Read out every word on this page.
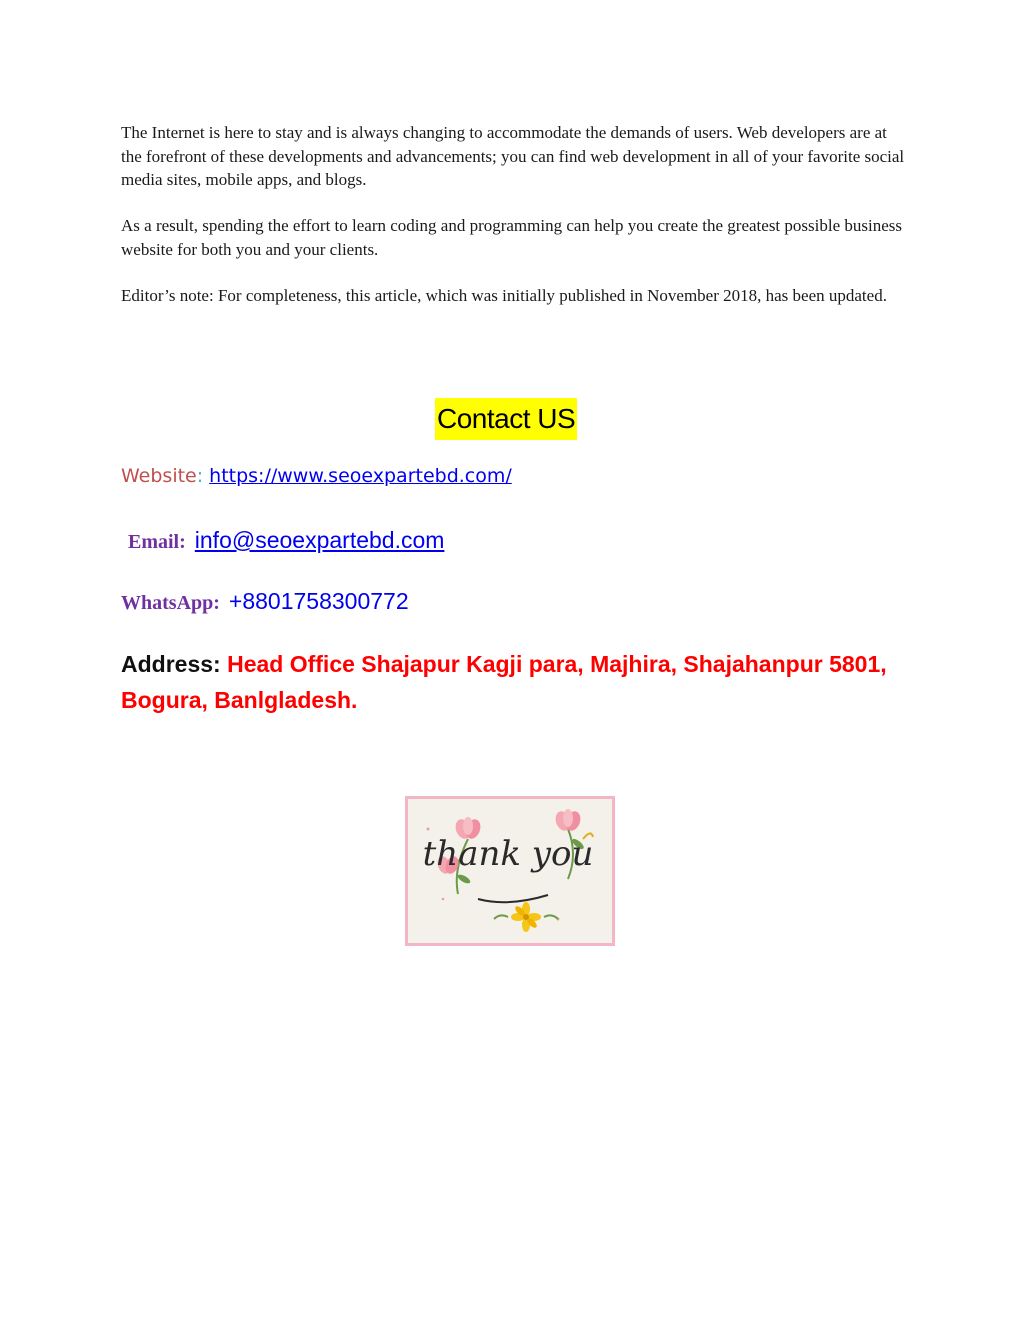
The Internet is here to stay and is always changing to accommodate the demands of users. Web developers are at the forefront of these developments and advancements; you can find web development in all of your favorite social media sites, mobile apps, and blogs.

As a result, spending the effort to learn coding and programming can help you create the greatest possible business website for both you and your clients.

Editor’s note: For completeness, this article, which was initially published in November 2018, has been updated.

Contact US
Website: https://www.seoexpartebd.com/
Email: info@seoexpartebd.com
WhatsApp: +8801758300772
Address: Head Office Shajapur Kagji para, Majhira, Shajahanpur 5801, Bogura, Banlgladesh.
thank you
